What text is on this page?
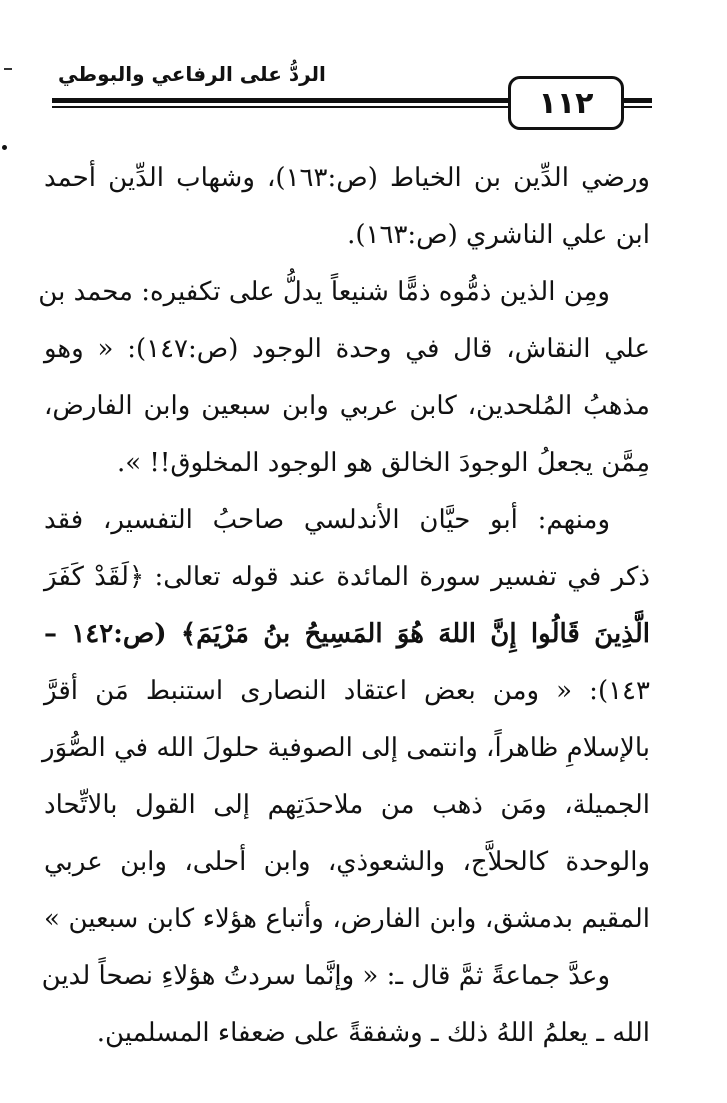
الردُّ على الرفاعي والبوطي
١١٢
ورضي الدِّين بن الخياط (ص:١٦٣)، وشهاب الدِّين أحمد
ابن علي الناشري (ص:١٦٣).
ومِن الذين ذمُّوه ذمًّا شنيعاً يدلُّ على تكفيره: محمد بن
علي النقاش، قال في وحدة الوجود (ص:١٤٧): « وهو
مذهبُ المُلحدين، كابن عربي وابن سبعين وابن الفارض،
مِمَّن يجعلُ الوجودَ الخالق هو الوجود المخلوق!! ».
ومنهم: أبو حيَّان الأندلسي صاحبُ التفسير، فقد
ذكر في تفسير سورة المائدة عند قوله تعالى: ﴿لَقَدْ كَفَرَ
الَّذِينَ قَالُوا إِنَّ اللهَ هُوَ المَسِيحُ بنُ مَرْيَمَ﴾ (ص:١٤٢ –
١٤٣): « ومن بعض اعتقاد النصارى استنبط مَن أقرَّ
بالإسلامِ ظاهراً، وانتمى إلى الصوفية حلولَ الله في الصُّوَر
الجميلة، ومَن ذهب من ملاحدَتِهم إلى القول بالاتِّحاد
والوحدة كالحلاَّج، والشعوذي، وابن أحلى، وابن عربي
المقيم بدمشق، وابن الفارض، وأتباع هؤلاء كابن سبعين »
وعدَّ جماعةً ثمَّ قال ـ: « وإنَّما سردتُ هؤلاءِ نصحاً لدين
الله ـ يعلمُ اللهُ ذلك ـ وشفقةً على ضعفاء المسلمين.
